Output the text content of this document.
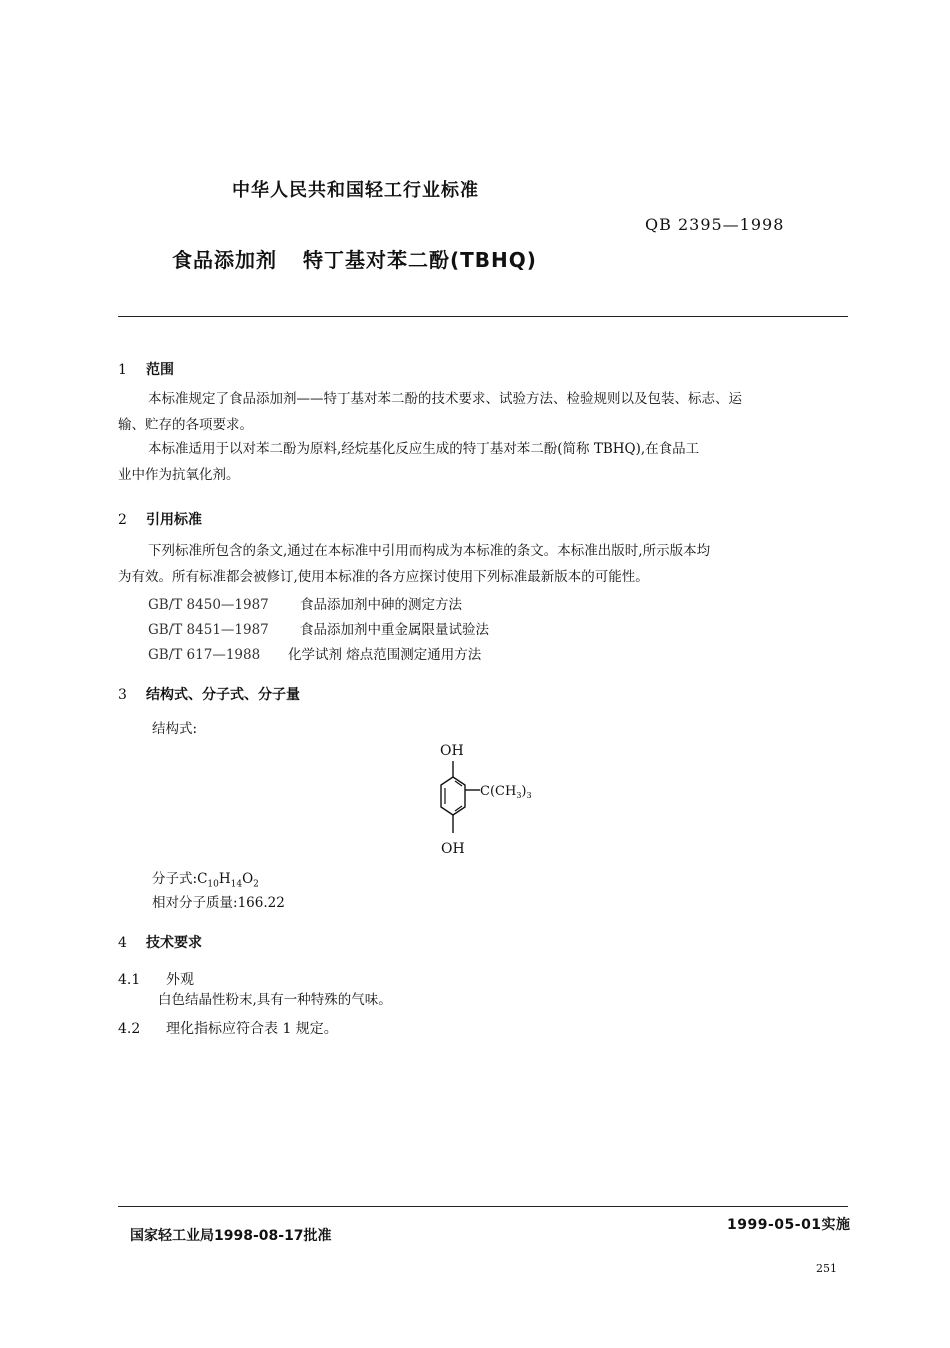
中华人民共和国轻工行业标准
QB 2395—1998
食品添加剂 特丁基对苯二酚(TBHQ)
1 范围
本标准规定了食品添加剂——特丁基对苯二酚的技术要求、试验方法、检验规则以及包装、标志、运
输、贮存的各项要求。
本标准适用于以对苯二酚为原料,经烷基化反应生成的特丁基对苯二酚(简称 TBHQ),在食品工
业中作为抗氧化剂。
2 引用标准
下列标准所包含的条文,通过在本标准中引用而构成为本标准的条文。本标准出版时,所示版本均
为有效。所有标准都会被修订,使用本标准的各方应探讨使用下列标准最新版本的可能性。
GB/T 8450—1987 食品添加剂中砷的测定方法
GB/T 8451—1987 食品添加剂中重金属限量试验法
GB/T 617—1988 化学试剂 熔点范围测定通用方法
3 结构式、分子式、分子量
结构式:
OH
$C(CH_3)_3$
OH
分子式$:C_{10}H_{14}O_2$
相对分子质量:166.22
4 技术要求
4.1 外观
白色结晶性粉末,具有一种特殊的气味。
4.2 理化指标应符合表 1 规定。
国家轻工业局1998-08-17批准
1999-05-01实施
251
